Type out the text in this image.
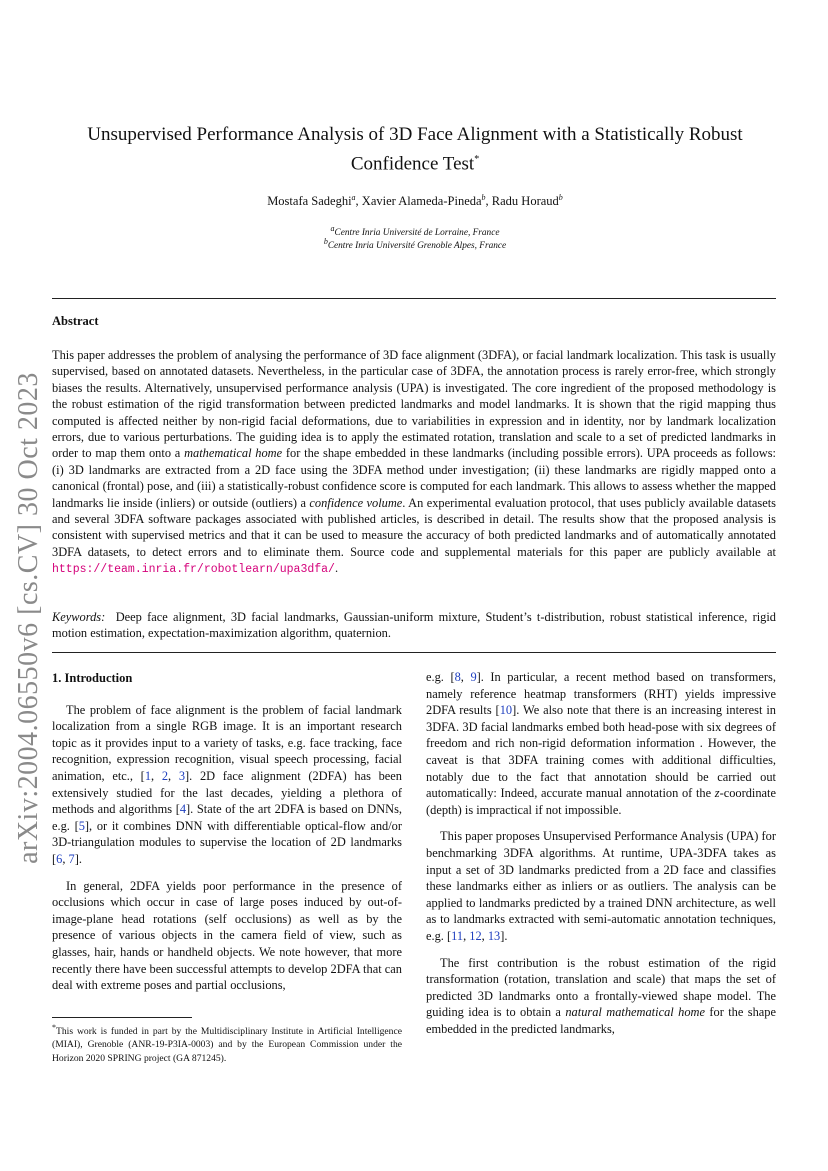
arXiv:2004.06550v6 [cs.CV] 30 Oct 2023
Unsupervised Performance Analysis of 3D Face Alignment with a Statistically Robust Confidence Test*
Mostafa Sadeghi$^a$, Xavier Alameda-Pineda$^b$, Radu Horaud$^b$
$^a$Centre Inria Université de Lorraine, France
$^b$Centre Inria Université Grenoble Alpes, France
Abstract

This paper addresses the problem of analysing the performance of 3D face alignment (3DFA), or facial landmark localization. This task is usually supervised, based on annotated datasets. Nevertheless, in the particular case of 3DFA, the annotation process is rarely error-free, which strongly biases the results. Alternatively, unsupervised performance analysis (UPA) is investigated. The core ingredient of the proposed methodology is the robust estimation of the rigid transformation between predicted landmarks and model landmarks. It is shown that the rigid mapping thus computed is affected neither by non-rigid facial deformations, due to variabilities in expression and in identity, nor by landmark localization errors, due to various perturbations. The guiding idea is to apply the estimated rotation, translation and scale to a set of predicted landmarks in order to map them onto a mathematical home for the shape embedded in these landmarks (including possible errors). UPA proceeds as follows: (i) 3D landmarks are extracted from a 2D face using the 3DFA method under investigation; (ii) these landmarks are rigidly mapped onto a canonical (frontal) pose, and (iii) a statistically-robust confidence score is computed for each landmark. This allows to assess whether the mapped landmarks lie inside (inliers) or outside (outliers) a confidence volume. An experimental evaluation protocol, that uses publicly available datasets and several 3DFA software packages associated with published articles, is described in detail. The results show that the proposed analysis is consistent with supervised metrics and that it can be used to measure the accuracy of both predicted landmarks and of automatically annotated 3DFA datasets, to detect errors and to eliminate them. Source code and supplemental materials for this paper are publicly available at https://team.inria.fr/robotlearn/upa3dfa/.

Keywords: Deep face alignment, 3D facial landmarks, Gaussian-uniform mixture, Student’s t-distribution, robust statistical inference, rigid motion estimation, expectation-maximization algorithm, quaternion.

1. Introduction

The problem of face alignment is the problem of facial landmark localization from a single RGB image. It is an important research topic as it provides input to a variety of tasks, e.g. face tracking, face recognition, expression recognition, visual speech processing, facial animation, etc., [1, 2, 3]. 2D face alignment (2DFA) has been extensively studied for the last decades, yielding a plethora of methods and algorithms [4]. State of the art 2DFA is based on DNNs, e.g. [5], or it combines DNN with differentiable optical-flow and/or 3D-triangulation modules to supervise the location of 2D landmarks [6, 7].

In general, 2DFA yields poor performance in the presence of occlusions which occur in case of large poses induced by out-of-image-plane head rotations (self occlusions) as well as by the presence of various objects in the camera field of view, such as glasses, hair, hands or handheld objects. We note however, that more recently there have been successful attempts to develop 2DFA that can deal with extreme poses and partial occlusions,

e.g. [8, 9]. In particular, a recent method based on transformers, namely reference heatmap transformers (RHT) yields impressive 2DFA results [10]. We also note that there is an increasing interest in 3DFA. 3D facial landmarks embed both head-pose with six degrees of freedom and rich non-rigid deformation information . However, the caveat is that 3DFA training comes with additional difficulties, notably due to the fact that annotation should be carried out automatically: Indeed, accurate manual annotation of the z-coordinate (depth) is impractical if not impossible.

This paper proposes Unsupervised Performance Analysis (UPA) for benchmarking 3DFA algorithms. At runtime, UPA-3DFA takes as input a set of 3D landmarks predicted from a 2D face and classifies these landmarks either as inliers or as outliers. The analysis can be applied to landmarks predicted by a trained DNN architecture, as well as to landmarks extracted with semi-automatic annotation techniques, e.g. [11, 12, 13].

The first contribution is the robust estimation of the rigid transformation (rotation, translation and scale) that maps the set of predicted 3D landmarks onto a frontally-viewed shape model. The guiding idea is to obtain a natural mathematical home for the shape embedded in the predicted landmarks,

*This work is funded in part by the Multidisciplinary Institute in Artificial Intelligence (MIAI), Grenoble (ANR-19-P3IA-0003) and by the European Commission under the Horizon 2020 SPRING project (GA 871245).
